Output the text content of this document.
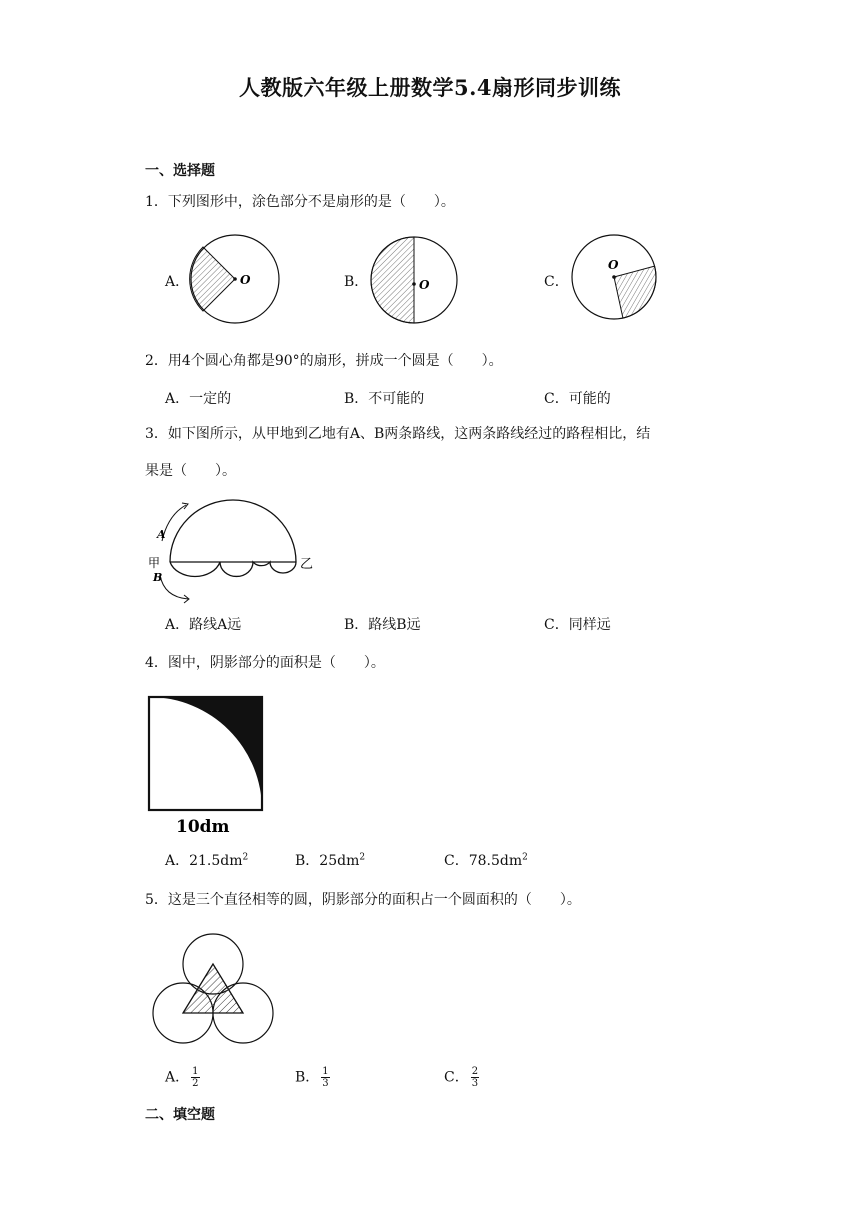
人教版六年级上册数学5.4扇形同步训练
一、选择题
1．下列图形中，涂色部分不是扇形的是（　　）。
A．	B．	C．
O	O
O
2．用4个圆心角都是90°的扇形，拼成一个圆是（　　）。
A．一定的	B．不可能的	C．可能的
3．如下图所示，从甲地到乙地有A、B两条路线，这两条路线经过的路程相比，结
果是（　　）。
A
甲
B
乙
A．路线A远	B．路线B远	C．同样远
4．图中，阴影部分的面积是（　　）。
10dm
A．$21.5dm^2$	B．$25dm^2$	C．$78.5dm^2$
5．这是三个直径相等的圆，阴影部分的面积占一个圆面积的（　　）。
A． $\frac{1}{2}$	B． $\frac{1}{3}$	C． $\frac{2}{3}$
二、填空题
